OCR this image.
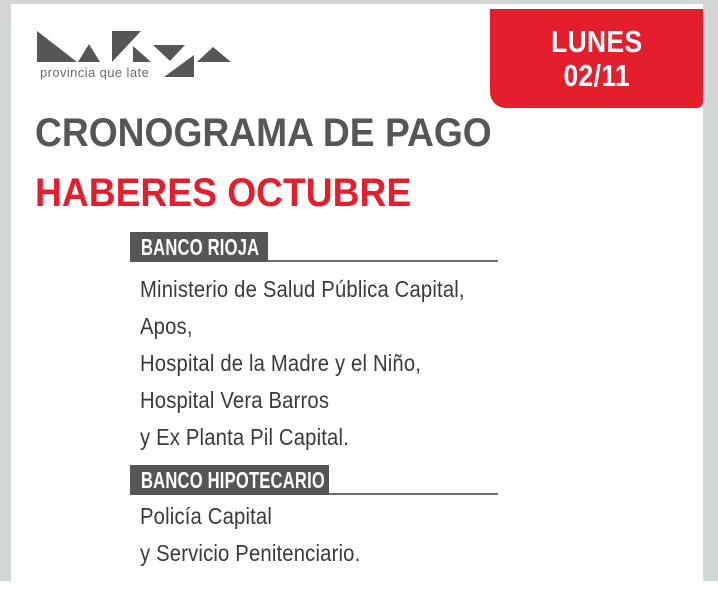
provincia que late
LUNES
02/11
CRONOGRAMA DE PAGO
HABERES OCTUBRE
BANCO RIOJA

Ministerio de Salud Pública Capital,

Apos,

Hospital de la Madre y el Niño,

Hospital Vera Barros

y Ex Planta Pil Capital.

BANCO HIPOTECARIO

Policía Capital

y Servicio Penitenciario.
